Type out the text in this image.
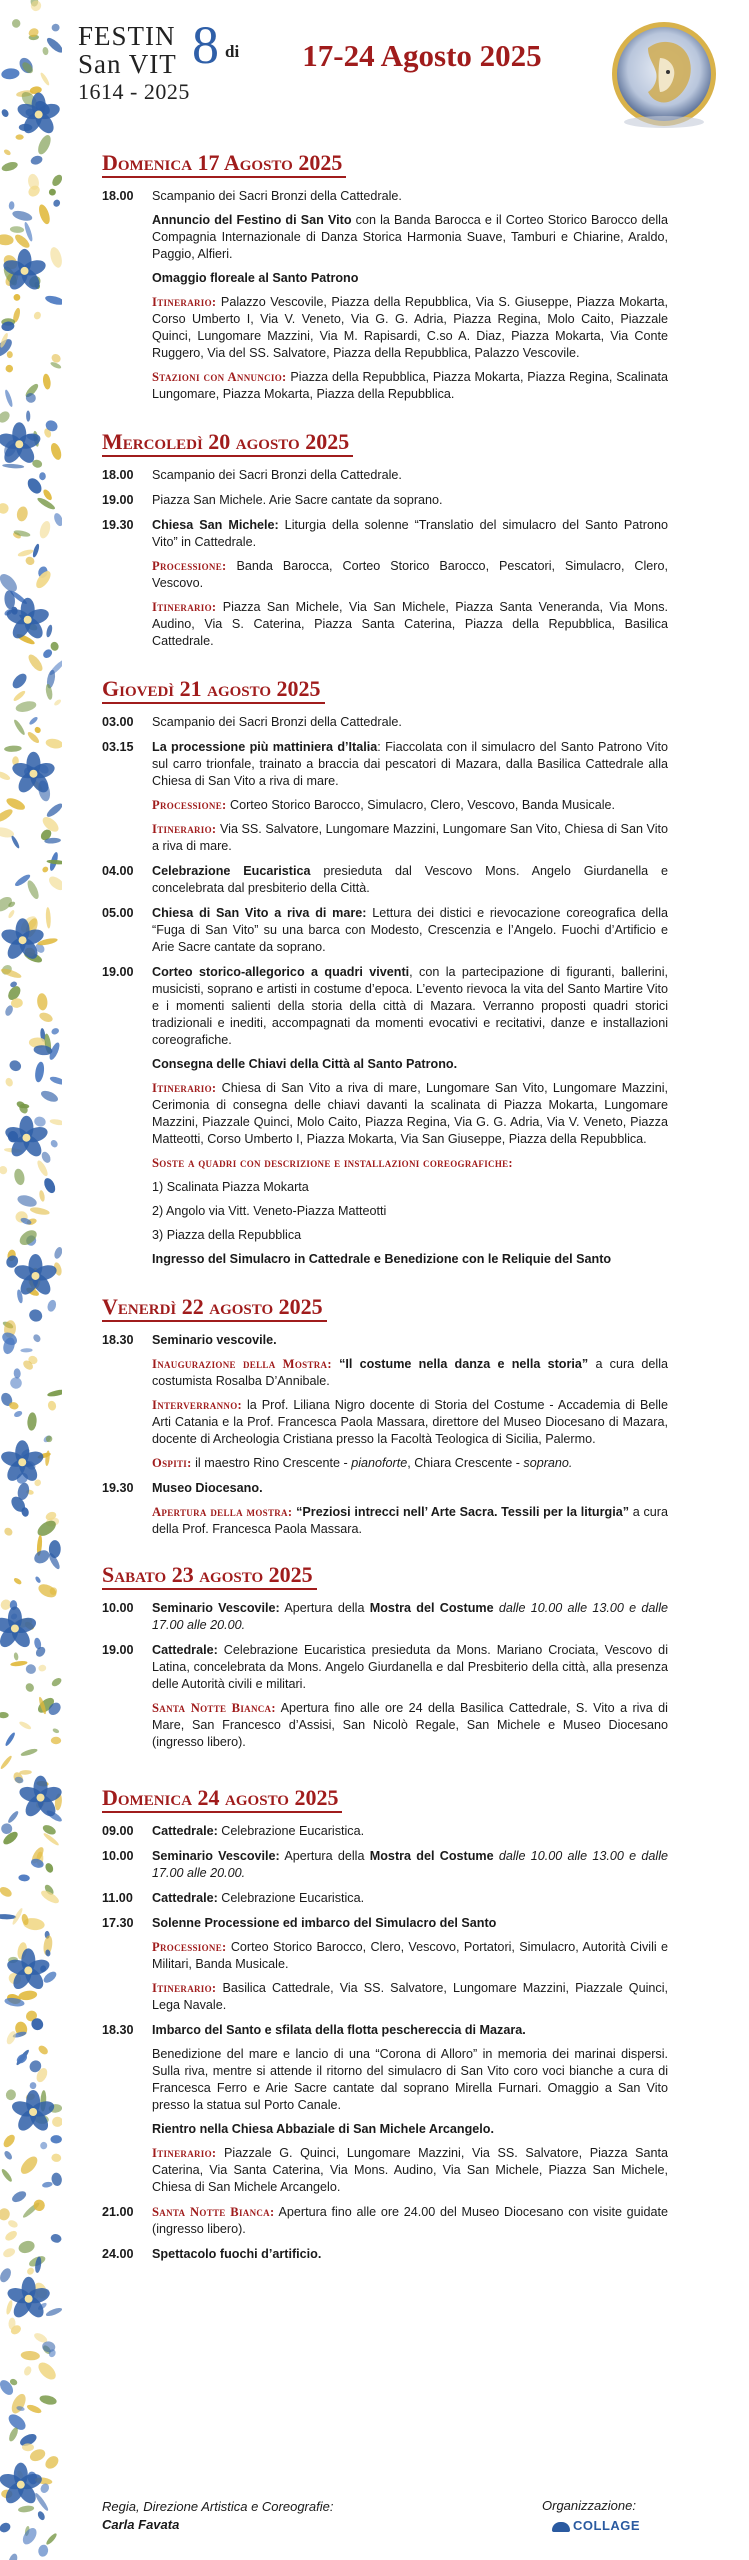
FESTIN
San VIT
1614 - 2025
8 di	17-24 Agosto 2025
Domenica 17 Agosto 2025
18.00 Scampanio dei Sacri Bronzi della Cattedrale.

Annuncio del Festino di San Vito con la Banda Barocca e il Corteo Storico Barocco della Compagnia Internazionale di Danza Storica Harmonia Suave, Tamburi e Chiarine, Araldo, Paggio, Alfieri.

Omaggio floreale al Santo Patrono

Itinerario: Palazzo Vescovile, Piazza della Repubblica, Via S. Giuseppe, Piazza Mokarta, Corso Umberto I, Via V. Veneto, Via G. G. Adria, Piazza Regina, Molo Caito, Piazzale Quinci, Lungomare Mazzini, Via M. Rapisardi, C.so A. Diaz, Piazza Mokarta, Via Conte Ruggero, Via del SS. Salvatore, Piazza della Repubblica, Palazzo Vescovile.

Stazioni con Annuncio: Piazza della Repubblica, Piazza Mokarta, Piazza Regina, Scalinata Lungomare, Piazza Mokarta, Piazza della Repubblica.

Mercoledì 20 agosto 2025
18.00 Scampanio dei Sacri Bronzi della Cattedrale.

19.00 Piazza San Michele. Arie Sacre cantate da soprano.

19.30 Chiesa San Michele: Liturgia della solenne “Translatio del simulacro del Santo Patrono Vito” in Cattedrale.

Processione: Banda Barocca, Corteo Storico Barocco, Pescatori, Simulacro, Clero, Vescovo.

Itinerario: Piazza San Michele, Via San Michele, Piazza Santa Veneranda, Via Mons. Audino, Via S. Caterina, Piazza Santa Caterina, Piazza della Repubblica, Basilica Cattedrale.

Giovedì 21 agosto 2025
03.00 Scampanio dei Sacri Bronzi della Cattedrale.

03.15 La processione più mattiniera d’Italia: Fiaccolata con il simulacro del Santo Patrono Vito sul carro trionfale, trainato a braccia dai pescatori di Mazara, dalla Basilica Cattedrale alla Chiesa di San Vito a riva di mare.

Processione: Corteo Storico Barocco, Simulacro, Clero, Vescovo, Banda Musicale.

Itinerario: Via SS. Salvatore, Lungomare Mazzini, Lungomare San Vito, Chiesa di San Vito a riva di mare.

04.00 Celebrazione Eucaristica presieduta dal Vescovo Mons. Angelo Giurdanella e concelebrata dal presbiterio della Città.

05.00 Chiesa di San Vito a riva di mare: Lettura dei distici e rievocazione coreografica della “Fuga di San Vito” su una barca con Modesto, Crescenzia e l’Angelo. Fuochi d’Artificio e Arie Sacre cantate da soprano.

19.00 Corteo storico-allegorico a quadri viventi, con la partecipazione di figuranti, ballerini, musicisti, soprano e artisti in costume d’epoca. L’evento rievoca la vita del Santo Martire Vito e i momenti salienti della storia della città di Mazara. Verranno proposti quadri storici tradizionali e inediti, accompagnati da momenti evocativi e recitativi, danze e installazioni coreografiche.

Consegna delle Chiavi della Città al Santo Patrono.

Itinerario: Chiesa di San Vito a riva di mare, Lungomare San Vito, Lungomare Mazzini, Cerimonia di consegna delle chiavi davanti la scalinata di Piazza Mokarta, Lungomare Mazzini, Piazzale Quinci, Molo Caito, Piazza Regina, Via G. G. Adria, Via V. Veneto, Piazza Matteotti, Corso Umberto I, Piazza Mokarta, Via San Giuseppe, Piazza della Repubblica.

Soste a quadri con descrizione e installazioni coreografiche:

1) Scalinata Piazza Mokarta

2) Angolo via Vitt. Veneto-Piazza Matteotti

3) Piazza della Repubblica

Ingresso del Simulacro in Cattedrale e Benedizione con le Reliquie del Santo

Venerdì 22 agosto 2025
18.30 Seminario vescovile.

Inaugurazione della Mostra: “Il costume nella danza e nella storia” a cura della costumista Rosalba D’Annibale.

Interverranno: la Prof. Liliana Nigro docente di Storia del Costume - Accademia di Belle Arti Catania e la Prof. Francesca Paola Massara, direttore del Museo Diocesano di Mazara, docente di Archeologia Cristiana presso la Facoltà Teologica di Sicilia, Palermo.

Ospiti: il maestro Rino Crescente - pianoforte, Chiara Crescente - soprano.

19.30 Museo Diocesano.

Apertura della mostra: “Preziosi intrecci nell’ Arte Sacra. Tessili per la liturgia” a cura della Prof. Francesca Paola Massara.

Sabato 23 agosto 2025
10.00 Seminario Vescovile: Apertura della Mostra del Costume dalle 10.00 alle 13.00 e dalle 17.00 alle 20.00.

19.00 Cattedrale: Celebrazione Eucaristica presieduta da Mons. Mariano Crociata, Vescovo di Latina, concelebrata da Mons. Angelo Giurdanella e dal Presbiterio della città, alla presenza delle Autorità civili e militari.

Santa Notte Bianca: Apertura fino alle ore 24 della Basilica Cattedrale, S. Vito a riva di Mare, San Francesco d’Assisi, San Nicolò Regale, San Michele e Museo Diocesano (ingresso libero).

Domenica 24 agosto 2025
09.00 Cattedrale: Celebrazione Eucaristica.

10.00 Seminario Vescovile: Apertura della Mostra del Costume dalle 10.00 alle 13.00 e dalle 17.00 alle 20.00.

11.00 Cattedrale: Celebrazione Eucaristica.

17.30 Solenne Processione ed imbarco del Simulacro del Santo

Processione: Corteo Storico Barocco, Clero, Vescovo, Portatori, Simulacro, Autorità Civili e Militari, Banda Musicale.

Itinerario: Basilica Cattedrale, Via SS. Salvatore, Lungomare Mazzini, Piazzale Quinci, Lega Navale.

18.30 Imbarco del Santo e sfilata della flotta peschereccia di Mazara.

Benedizione del mare e lancio di una “Corona di Alloro” in memoria dei marinai dispersi. Sulla riva, mentre si attende il ritorno del simulacro di San Vito coro voci bianche a cura di Francesca Ferro e Arie Sacre cantate dal soprano Mirella Furnari. Omaggio a San Vito presso la statua sul Porto Canale.

Rientro nella Chiesa Abbaziale di San Michele Arcangelo.

Itinerario: Piazzale G. Quinci, Lungomare Mazzini, Via SS. Salvatore, Piazza Santa Caterina, Via Santa Caterina, Via Mons. Audino, Via San Michele, Piazza San Michele, Chiesa di San Michele Arcangelo.

21.00 Santa Notte Bianca: Apertura fino alle ore 24.00 del Museo Diocesano con visite guidate (ingresso libero).

24.00 Spettacolo fuochi d’artificio.

Regia, Direzione Artistica e Coreografie:
Carla Favata
Organizzazione:
COLLAGE
